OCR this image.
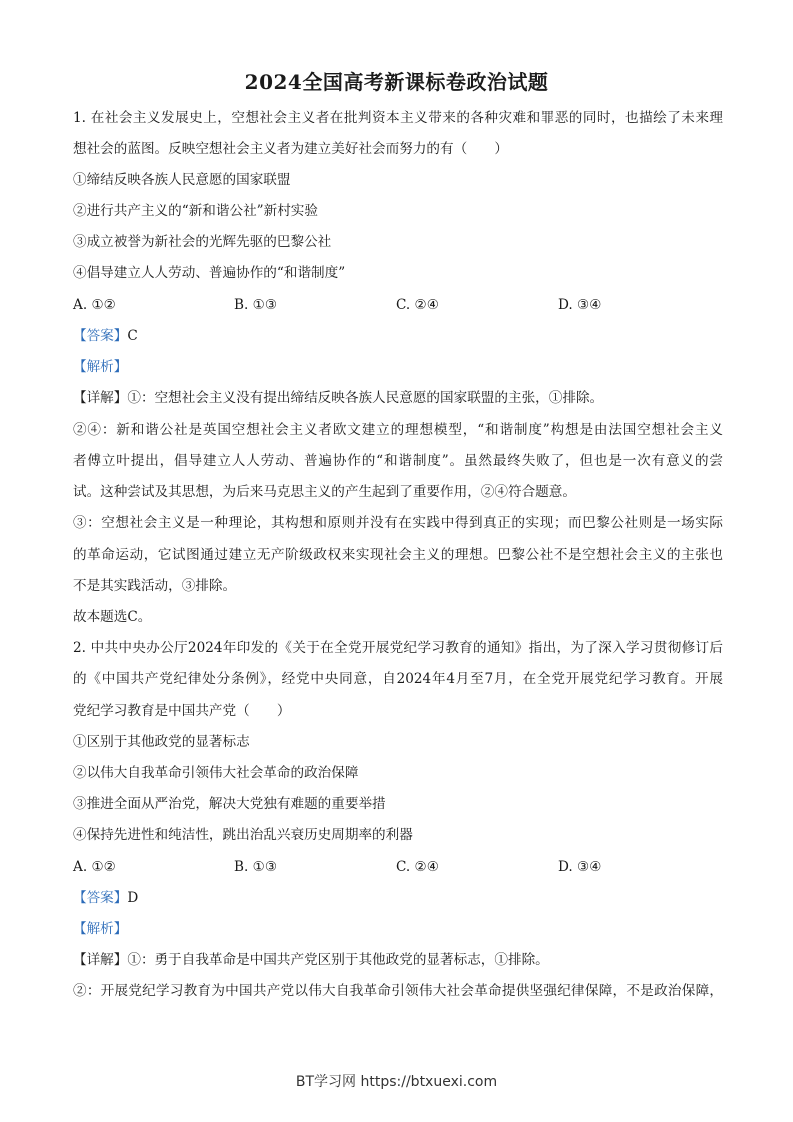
2024全国高考新课标卷政治试题
1. 在社会主义发展史上，空想社会主义者在批判资本主义带来的各种灾难和罪恶的同时，也描绘了未来理
想社会的蓝图。反映空想社会主义者为建立美好社会而努力的有（　　）
①缔结反映各族人民意愿的国家联盟
②进行共产主义的“新和谐公社”新村实验
③成立被誉为新社会的光辉先驱的巴黎公社
④倡导建立人人劳动、普遍协作的“和谐制度”
A. ①②	B. ①③	C. ②④	D. ③④
【答案】C
【解析】
【详解】①：空想社会主义没有提出缔结反映各族人民意愿的国家联盟的主张，①排除。
②④：新和谐公社是英国空想社会主义者欧文建立的理想模型，“和谐制度”构想是由法国空想社会主义
者傅立叶提出，倡导建立人人劳动、普遍协作的“和谐制度”。虽然最终失败了，但也是一次有意义的尝
试。这种尝试及其思想，为后来马克思主义的产生起到了重要作用，②④符合题意。
③：空想社会主义是一种理论，其构想和原则并没有在实践中得到真正的实现；而巴黎公社则是一场实际
的革命运动，它试图通过建立无产阶级政权来实现社会主义的理想。巴黎公社不是空想社会主义的主张也
不是其实践活动，③排除。
故本题选C。
2. 中共中央办公厅2024年印发的《关于在全党开展党纪学习教育的通知》指出，为了深入学习贯彻修订后
的《中国共产党纪律处分条例》，经党中央同意，自2024年4月至7月，在全党开展党纪学习教育。开展
党纪学习教育是中国共产党（　　）
①区别于其他政党的显著标志
②以伟大自我革命引领伟大社会革命的政治保障
③推进全面从严治党，解决大党独有难题的重要举措
④保持先进性和纯洁性，跳出治乱兴衰历史周期率的利器
A. ①②	B. ①③	C. ②④	D. ③④
【答案】D
【解析】
【详解】①：勇于自我革命是中国共产党区别于其他政党的显著标志，①排除。
②：开展党纪学习教育为中国共产党以伟大自我革命引领伟大社会革命提供坚强纪律保障，不是政治保障，
BT学习网 https://btxuexi.com
